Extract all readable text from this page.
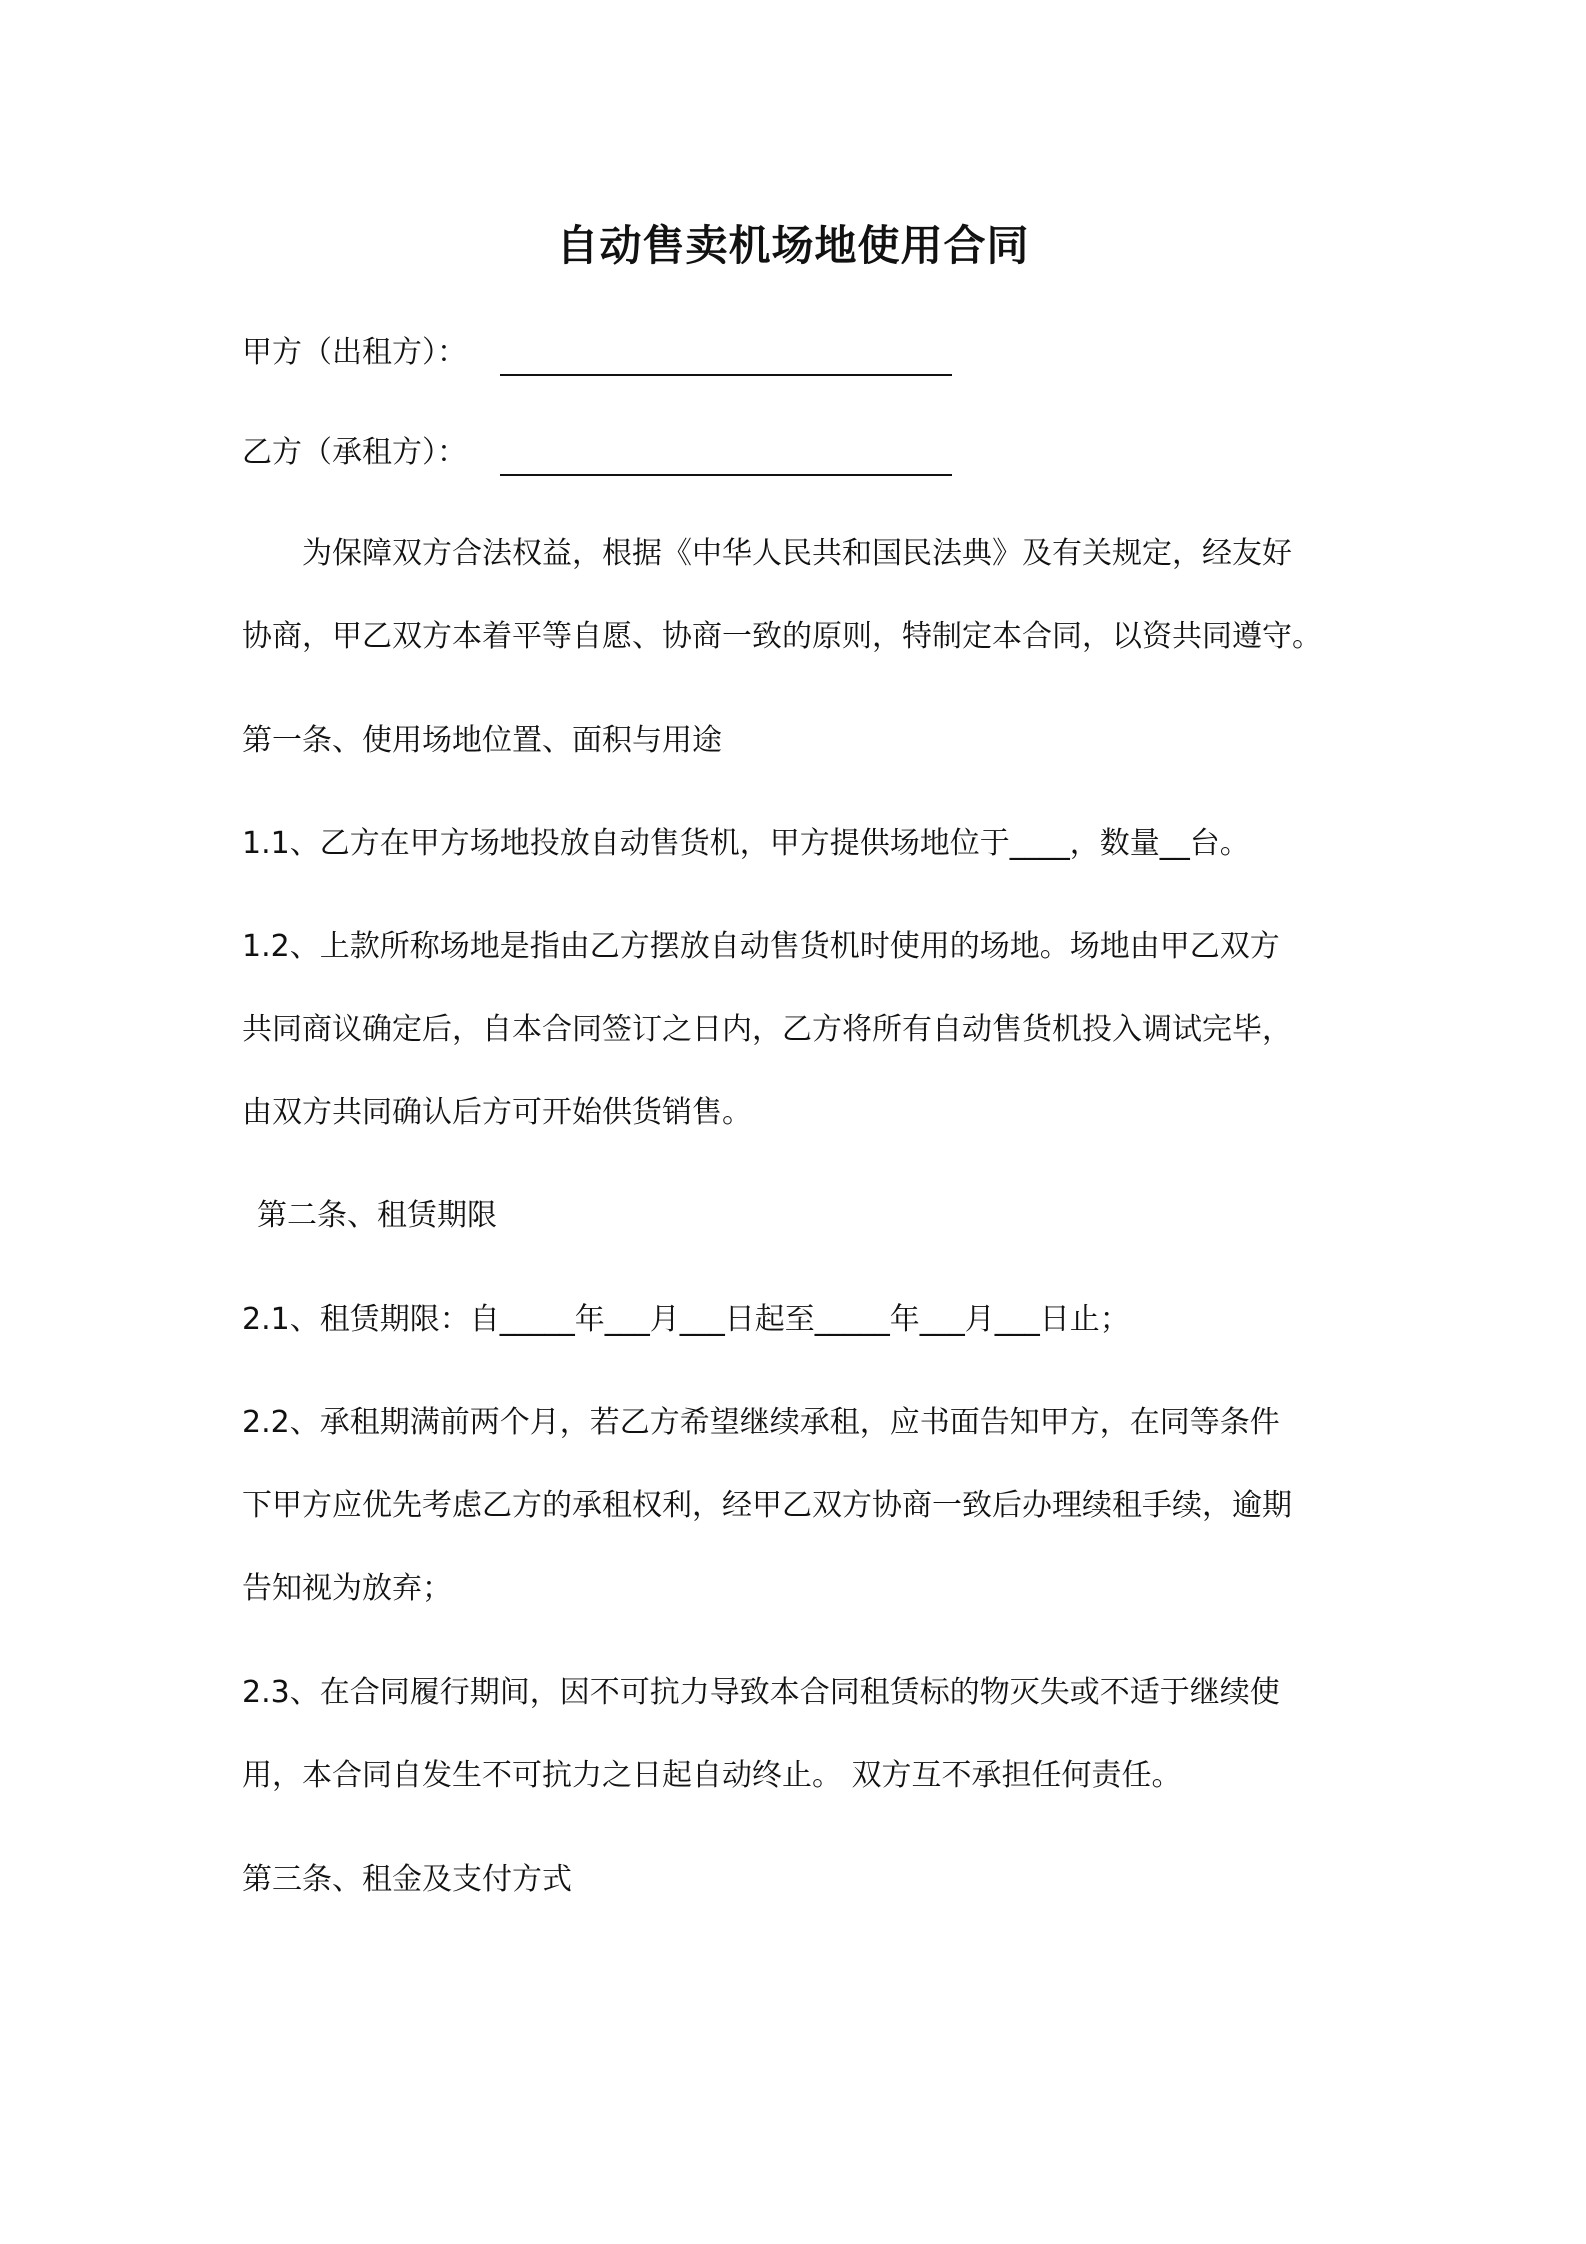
自动售卖机场地使用合同
甲方（出租方）：
乙方（承租方）：
为保障双方合法权益，根据《中华人民共和国民法典》及有关规定，经友好
协商，甲乙双方本着平等自愿、协商一致的原则，特制定本合同，以资共同遵守。
第一条、使用场地位置、面积与用途
1.1、乙方在甲方场地投放自动售货机，甲方提供场地位于____，数量__台。
1.2、上款所称场地是指由乙方摆放自动售货机时使用的场地。场地由甲乙双方
共同商议确定后，自本合同签订之日内，乙方将所有自动售货机投入调试完毕，
由双方共同确认后方可开始供货销售。
第二条、租赁期限
2.1、租赁期限：自_____年___月___日起至_____年___月___日止；
2.2、承租期满前两个月，若乙方希望继续承租，应书面告知甲方，在同等条件
下甲方应优先考虑乙方的承租权利，经甲乙双方协商一致后办理续租手续，逾期
告知视为放弃；
2.3、在合同履行期间，因不可抗力导致本合同租赁标的物灭失或不适于继续使
用，本合同自发生不可抗力之日起自动终止。 双方互不承担任何责任。
第三条、租金及支付方式
